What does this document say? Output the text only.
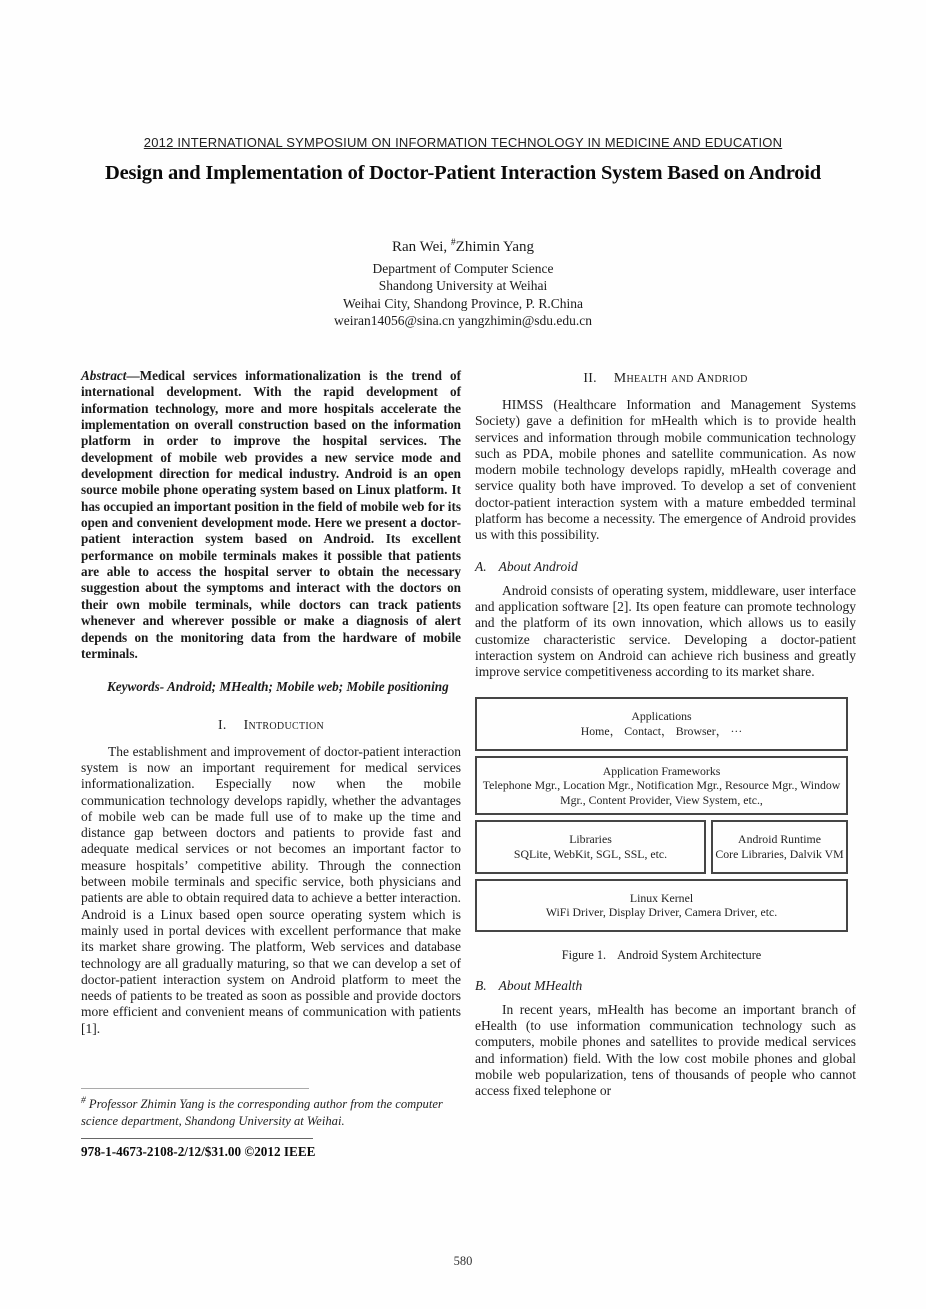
2012 INTERNATIONAL SYMPOSIUM ON INFORMATION TECHNOLOGY IN MEDICINE AND EDUCATION
Design and Implementation of Doctor-Patient Interaction System Based on Android
Ran Wei, #Zhimin Yang
Department of Computer Science
Shandong University at Weihai
Weihai City, Shandong Province, P. R.China
weiran14056@sina.cn yangzhimin@sdu.edu.cn

Abstract—Medical services informationalization is the trend of international development. With the rapid development of information technology, more and more hospitals accelerate the implementation on overall construction based on the information platform in order to improve the hospital services. The development of mobile web provides a new service mode and development direction for medical industry. Android is an open source mobile phone operating system based on Linux platform. It has occupied an important position in the field of mobile web for its open and convenient development mode. Here we present a doctor-patient interaction system based on Android. Its excellent performance on mobile terminals makes it possible that patients are able to access the hospital server to obtain the necessary suggestion about the symptoms and interact with the doctors on their own mobile terminals, while doctors can track patients whenever and wherever possible or make a diagnosis of alert depends on the monitoring data from the hardware of mobile terminals.

Keywords- Android; MHealth; Mobile web; Mobile positioning

I. Introduction

The establishment and improvement of doctor-patient interaction system is now an important requirement for medical services informationalization. Especially now when the mobile communication technology develops rapidly, whether the advantages of mobile web can be made full use of to make up the time and distance gap between doctors and patients to provide fast and adequate medical services or not becomes an important factor to measure hospitals’ competitive ability. Through the connection between mobile terminals and specific service, both physicians and patients are able to obtain required data to achieve a better interaction. Android is a Linux based open source operating system which is mainly used in portal devices with excellent performance that make its market share growing. The platform, Web services and database technology are all gradually maturing, so that we can develop a set of doctor-patient interaction system on Android platform to meet the needs of patients to be treated as soon as possible and provide doctors more efficient and convenient means of communication with patients [1].

II. Mhealth and Andriod

HIMSS (Healthcare Information and Management Systems Society) gave a definition for mHealth which is to provide health services and information through mobile communication technology such as PDA, mobile phones and satellite communication. As now modern mobile technology develops rapidly, mHealth coverage and service quality both have improved. To develop a set of convenient doctor-patient interaction system with a mature embedded terminal platform has become a necessity. The emergence of Android provides us with this possibility.

A. About Android

Android consists of operating system, middleware, user interface and application software [2]. Its open feature can promote technology and the platform of its own innovation, which allows us to easily customize characteristic service. Developing a doctor-patient interaction system on Android can achieve rich business and greatly improve service competitiveness according to its market share.

Applications
Home， Contact， Browser， ···
Application Frameworks
Telephone Mgr., Location Mgr., Notification Mgr., Resource Mgr., Window Mgr., Content Provider, View System, etc.,
Libraries
SQLite, WebKit, SGL, SSL, etc.
Android Runtime
Core Libraries, Dalvik VM
Linux Kernel
WiFi Driver, Display Driver, Camera Driver, etc.

Figure 1. Android System Architecture

B. About MHealth

In recent years, mHealth has become an important branch of eHealth (to use information communication technology such as computers, mobile phones and satellites to provide medical services and information) field. With the low cost mobile phones and global mobile web popularization, tens of thousands of people who cannot access fixed telephone or

# Professor Zhimin Yang is the corresponding author from the computer science department, Shandong University at Weihai.

978-1-4673-2108-2/12/$31.00 ©2012 IEEE

580
